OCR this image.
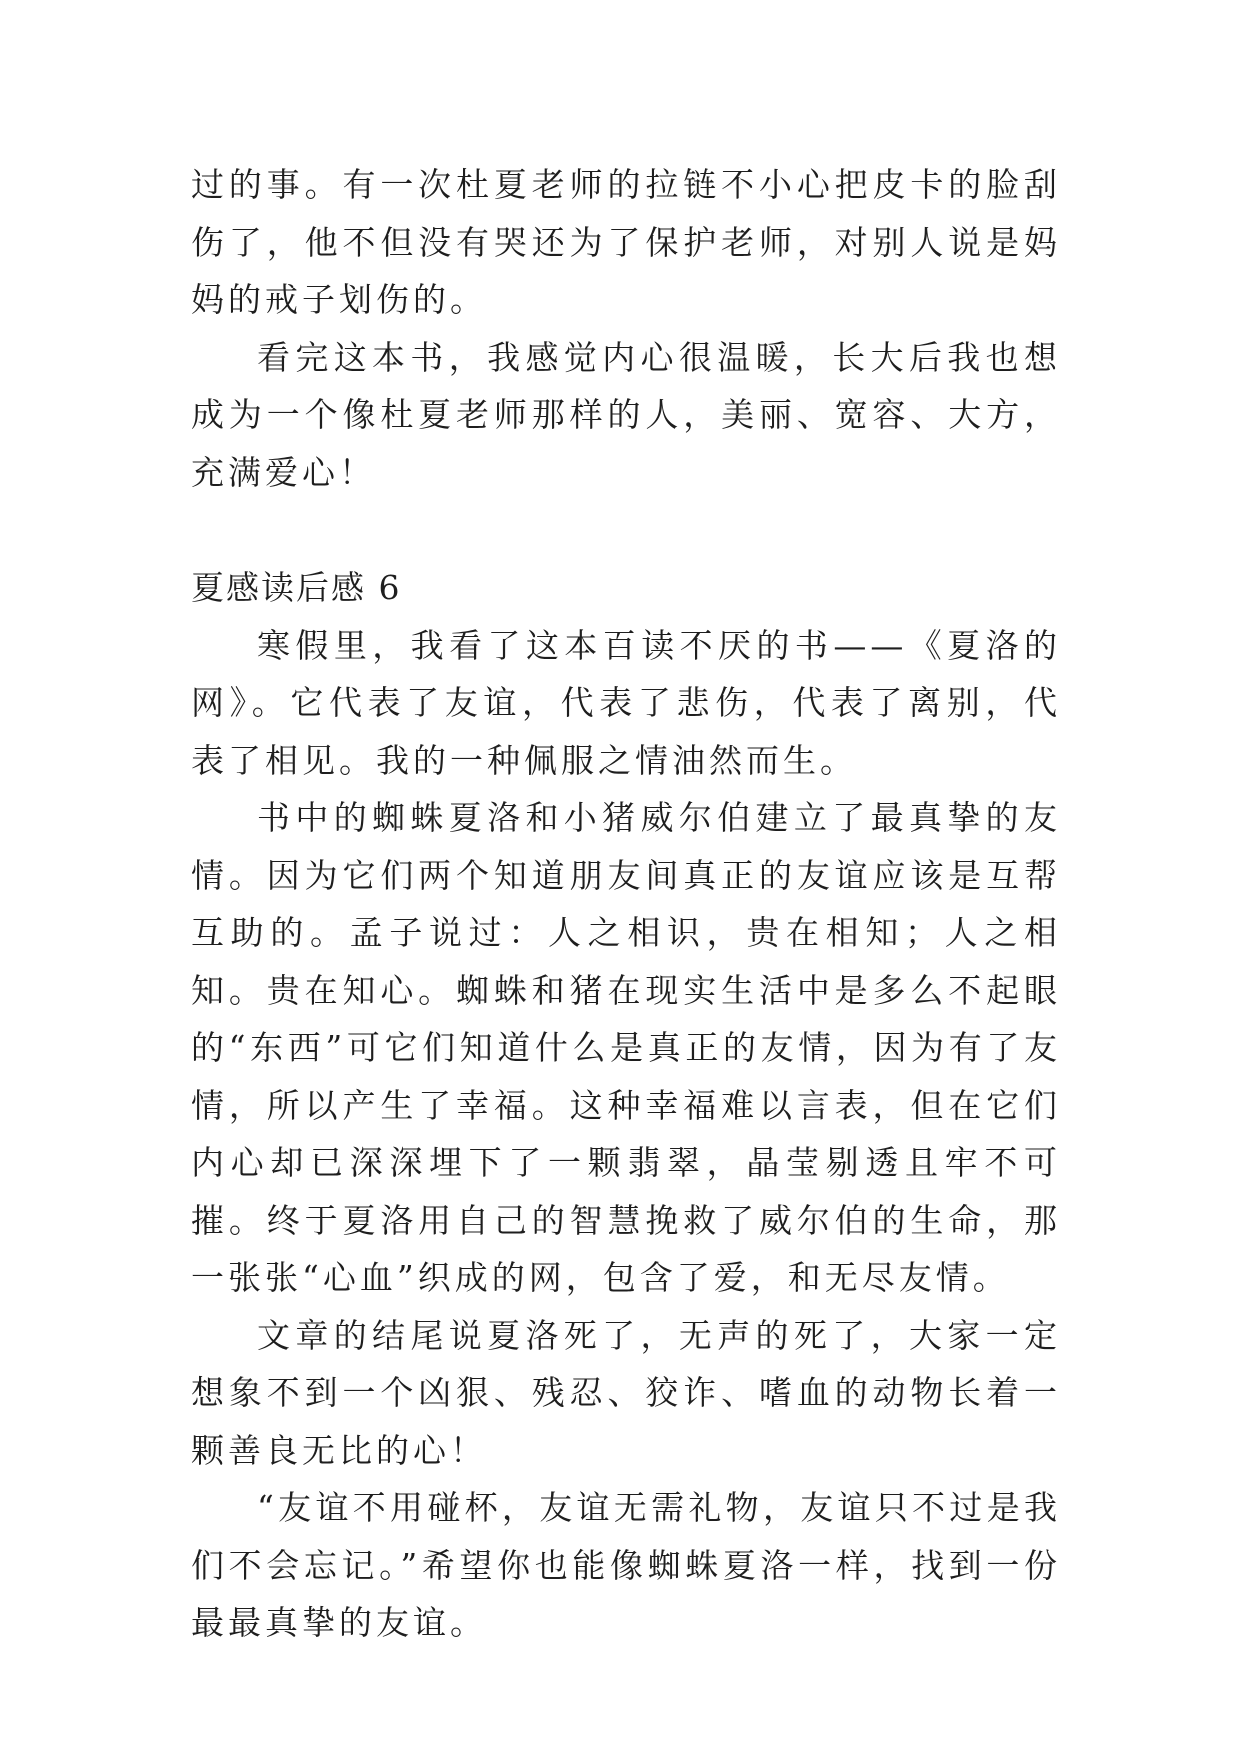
过的事。有一次杜夏老师的拉链不小心把皮卡的脸刮伤了，他不但没有哭还为了保护老师，对别人说是妈妈的戒子划伤的。

看完这本书，我感觉内心很温暖，长大后我也想成为一个像杜夏老师那样的人，美丽、宽容、大方，充满爱心！

夏感读后感 6

寒假里，我看了这本百读不厌的书——《夏洛的网》。它代表了友谊，代表了悲伤，代表了离别，代表了相见。我的一种佩服之情油然而生。

书中的蜘蛛夏洛和小猪威尔伯建立了最真挚的友情。因为它们两个知道朋友间真正的友谊应该是互帮互助的。孟子说过：人之相识，贵在相知；人之相知。贵在知心。蜘蛛和猪在现实生活中是多么不起眼的“东西”可它们知道什么是真正的友情，因为有了友情，所以产生了幸福。这种幸福难以言表，但在它们内心却已深深埋下了一颗翡翠，晶莹剔透且牢不可摧。终于夏洛用自己的智慧挽救了威尔伯的生命，那一张张“心血”织成的网，包含了爱，和无尽友情。

文章的结尾说夏洛死了，无声的死了，大家一定想象不到一个凶狠、残忍、狡诈、嗜血的动物长着一颗善良无比的心！

“友谊不用碰杯，友谊无需礼物，友谊只不过是我们不会忘记。”希望你也能像蜘蛛夏洛一样，找到一份最最真挚的友谊。
